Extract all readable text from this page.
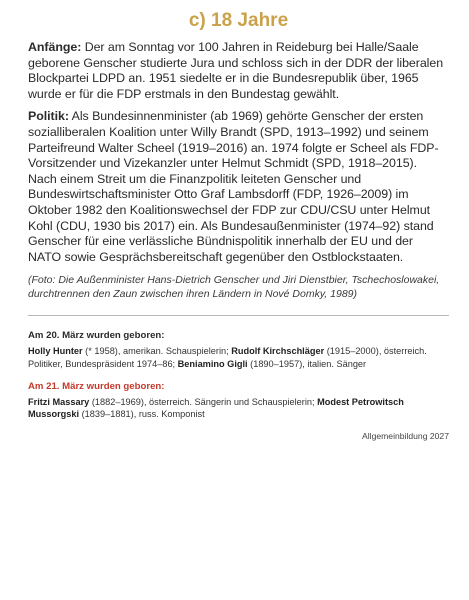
c) 18 Jahre

Anfänge: Der am Sonntag vor 100 Jahren in Reideburg bei Halle/Saale geborene Genscher studierte Jura und schloss sich in der DDR der liberalen Blockpartei LDPD an. 1951 siedelte er in die Bundesrepublik über, 1965 wurde er für die FDP erstmals in den Bundestag gewählt.

Politik: Als Bundesinnenminister (ab 1969) gehörte Genscher der ersten sozialliberalen Koalition unter Willy Brandt (SPD, 1913–1992) und seinem Parteifreund Walter Scheel (1919–2016) an. 1974 folgte er Scheel als FDP-Vorsitzender und Vizekanzler unter Helmut Schmidt (SPD, 1918–2015). Nach einem Streit um die Finanzpolitik leiteten Genscher und Bundeswirtschaftsminister Otto Graf Lambsdorff (FDP, 1926–2009) im Oktober 1982 den Koalitionswechsel der FDP zur CDU/CSU unter Helmut Kohl (CDU, 1930 bis 2017) ein. Als Bundesaußenminister (1974–92) stand Genscher für eine verlässliche Bündnispolitik innerhalb der EU und der NATO sowie Gesprächsbereitschaft gegenüber den Ostblockstaaten.

(Foto: Die Außenminister Hans-Dietrich Genscher und Jiri Dienstbier, Tschechoslowakei, durchtrennen den Zaun zwischen ihren Ländern in Nové Domky, 1989)
Am 20. März wurden geboren:

Holly Hunter (* 1958), amerikan. Schauspielerin; Rudolf Kirchschläger (1915–2000), österreich. Politiker, Bundespräsident 1974–86; Beniamino Gigli (1890–1957), italien. Sänger

Am 21. März wurden geboren:

Fritzi Massary (1882–1969), österreich. Sängerin und Schauspielerin; Modest Petrowitsch Mussorgski (1839–1881), russ. Komponist

Allgemeinbildung 2027
